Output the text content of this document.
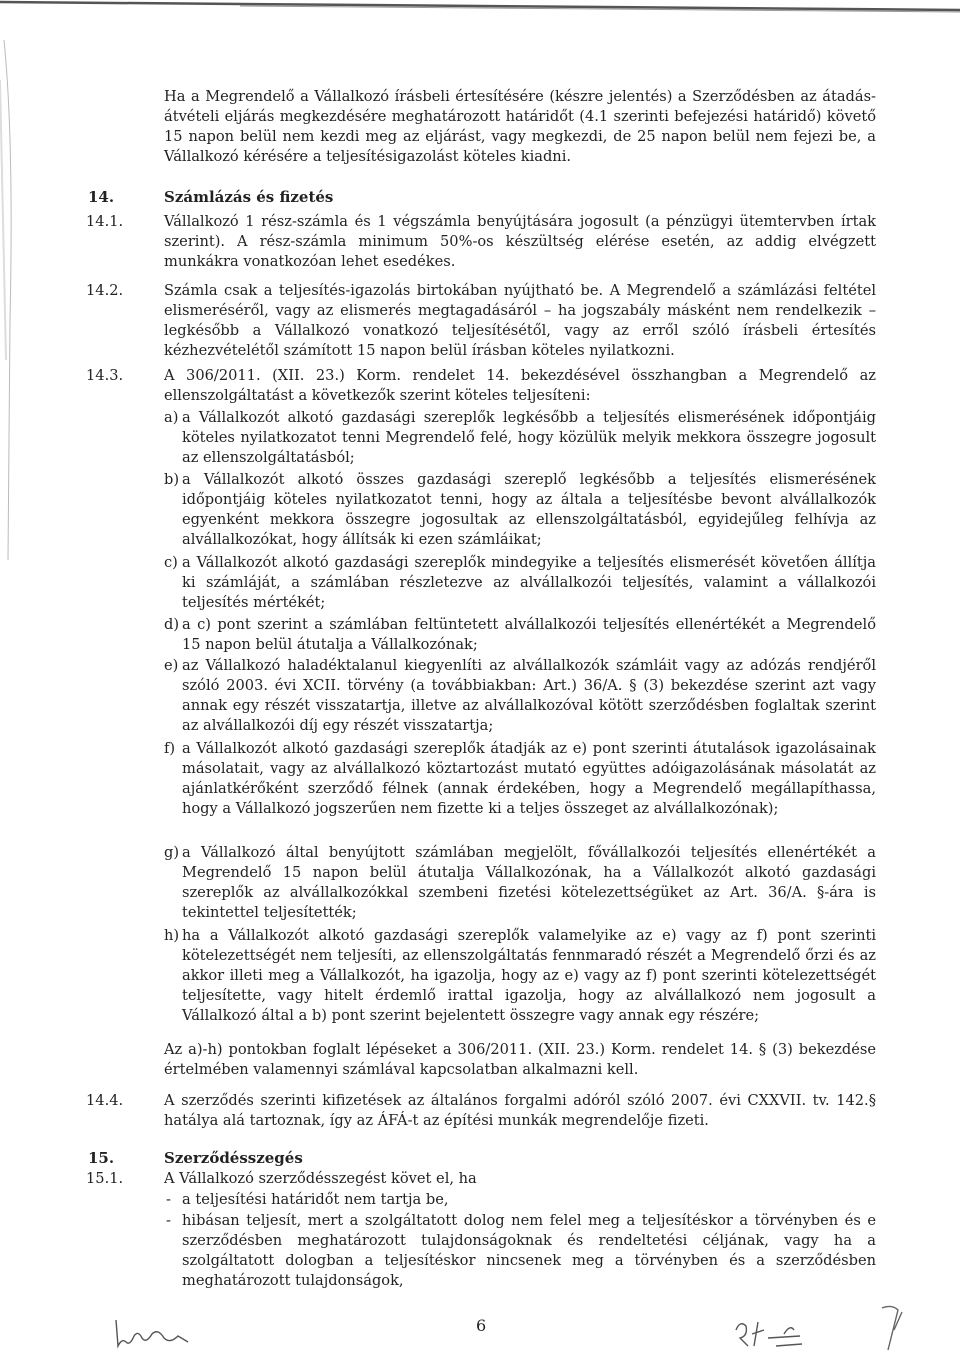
Ha a Megrendelő a Vállalkozó írásbeli értesítésére (készre jelentés) a Szerződésben az átadás-átvételi eljárás megkezdésére meghatározott határidőt (4.1 szerinti befejezési határidő) követő 15 napon belül nem kezdi meg az eljárást, vagy megkezdi, de 25 napon belül nem fejezi be, a Vállalkozó kérésére a teljesítésigazolást köteles kiadni.

14.	Számlázás és fizetés
14.1.	Vállalkozó 1 rész-számla és 1 végszámla benyújtására jogosult (a pénzügyi ütemtervben írtak szerint). A rész-számla minimum 50%-os készültség elérése esetén, az addig elvégzett munkákra vonatkozóan lehet esedékes.

14.2.	Számla csak a teljesítés-igazolás birtokában nyújtható be. A Megrendelő a számlázási feltétel elismeréséről, vagy az elismerés megtagadásáról – ha jogszabály másként nem rendelkezik – legkésőbb a Vállalkozó vonatkozó teljesítésétől, vagy az erről szóló írásbeli értesítés kézhezvételétől számított 15 napon belül írásban köteles nyilatkozni.

14.3.	A 306/2011. (XII. 23.) Korm. rendelet 14. bekezdésével összhangban a Megrendelő az ellenszolgáltatást a következők szerint köteles teljesíteni:

a) a Vállalkozót alkotó gazdasági szereplők legkésőbb a teljesítés elismerésének időpontjáig köteles nyilatkozatot tenni Megrendelő felé, hogy közülük melyik mekkora összegre jogosult az ellenszolgáltatásból;
b) a Vállalkozót alkotó összes gazdasági szereplő legkésőbb a teljesítés elismerésének időpontjáig köteles nyilatkozatot tenni, hogy az általa a teljesítésbe bevont alvállalkozók egyenként mekkora összegre jogosultak az ellenszolgáltatásból, egyidejűleg felhívja az alvállalkozókat, hogy állítsák ki ezen számláikat;
c) a Vállalkozót alkotó gazdasági szereplők mindegyike a teljesítés elismerését követően állítja ki számláját, a számlában részletezve az alvállalkozói teljesítés, valamint a vállalkozói teljesítés mértékét;
d) a c) pont szerint a számlában feltüntetett alvállalkozói teljesítés ellenértékét a Megrendelő 15 napon belül átutalja a Vállalkozónak;
e) az Vállalkozó haladéktalanul kiegyenlíti az alvállalkozók számláit vagy az adózás rendjéről szóló 2003. évi XCII. törvény (a továbbiakban: Art.) 36/A. § (3) bekezdése szerint azt vagy annak egy részét visszatartja, illetve az alvállalkozóval kötött szerződésben foglaltak szerint az alvállalkozói díj egy részét visszatartja;
f) a Vállalkozót alkotó gazdasági szereplők átadják az e) pont szerinti átutalások igazolásainak másolatait, vagy az alvállalkozó köztartozást mutató együttes adóigazolásának másolatát az ajánlatkérőként szerződő félnek (annak érdekében, hogy a Megrendelő megállapíthassa, hogy a Vállalkozó jogszerűen nem fizette ki a teljes összeget az alvállalkozónak);
g) a Vállalkozó által benyújtott számlában megjelölt, fővállalkozói teljesítés ellenértékét a Megrendelő 15 napon belül átutalja Vállalkozónak, ha a Vállalkozót alkotó gazdasági szereplők az alvállalkozókkal szembeni fizetési kötelezettségüket az Art. 36/A. §-ára is tekintettel teljesítették;
h) ha a Vállalkozót alkotó gazdasági szereplők valamelyike az e) vagy az f) pont szerinti kötelezettségét nem teljesíti, az ellenszolgáltatás fennmaradó részét a Megrendelő őrzi és az akkor illeti meg a Vállalkozót, ha igazolja, hogy az e) vagy az f) pont szerinti kötelezettségét teljesítette, vagy hitelt érdemlő irattal igazolja, hogy az alvállalkozó nem jogosult a Vállalkozó által a b) pont szerint bejelentett összegre vagy annak egy részére;

Az a)-h) pontokban foglalt lépéseket a 306/2011. (XII. 23.) Korm. rendelet 14. § (3) bekezdése értelmében valamennyi számlával kapcsolatban alkalmazni kell.

14.4.	A szerződés szerinti kifizetések az általános forgalmi adóról szóló 2007. évi CXXVII. tv. 142.§ hatálya alá tartoznak, így az ÁFÁ-t az építési munkák megrendelője fizeti.

15.	Szerződésszegés
15.1.	A Vállalkozó szerződésszegést követ el, ha

- a teljesítési határidőt nem tartja be,
- hibásan teljesít, mert a szolgáltatott dolog nem felel meg a teljesítéskor a törvényben és e szerződésben meghatározott tulajdonságoknak és rendeltetési céljának, vagy ha a szolgáltatott dologban a teljesítéskor nincsenek meg a törvényben és a szerződésben meghatározott tulajdonságok,
6
